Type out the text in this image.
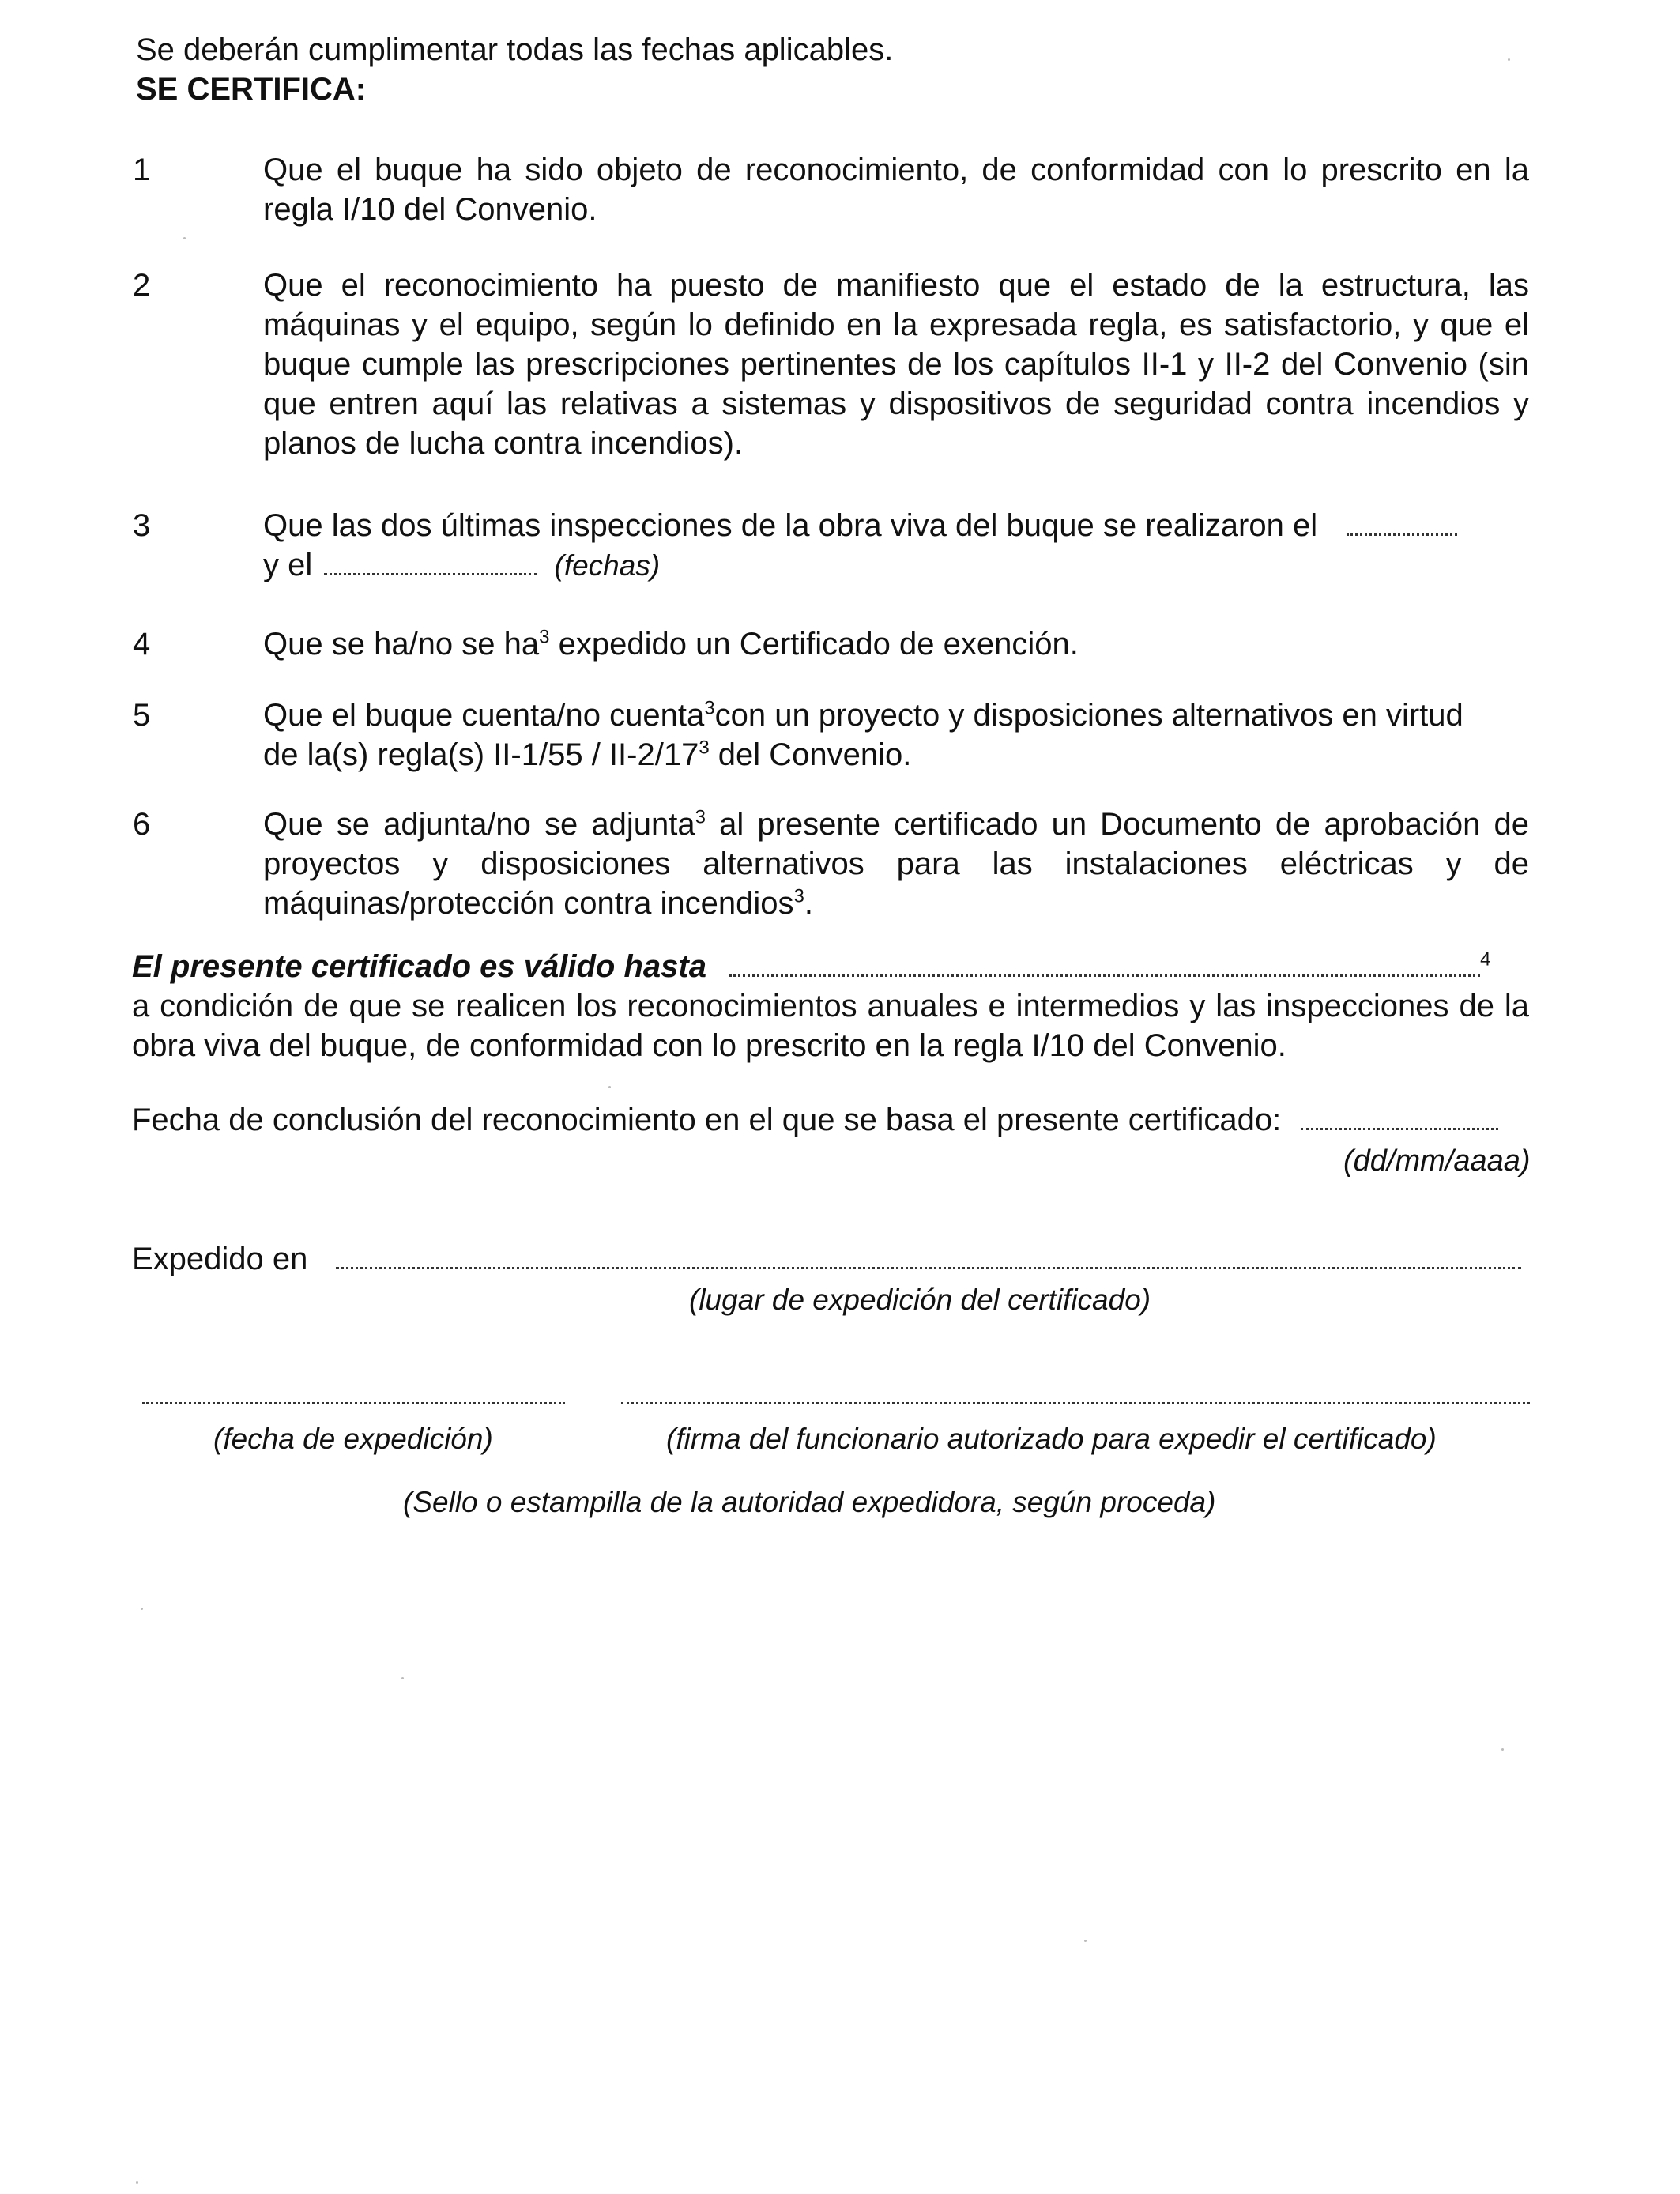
Se deberán cumplimentar todas las fechas aplicables.
SE CERTIFICA:
1	Que el buque ha sido objeto de reconocimiento, de conformidad con lo prescrito en la regla I/10 del Convenio.
2	Que el reconocimiento ha puesto de manifiesto que el estado de la estructura, las máquinas y el equipo, según lo definido en la expresada regla, es satisfactorio, y que el buque cumple las prescripciones pertinentes de los capítulos II-1 y II-2 del Convenio (sin que entren aquí las relativas a sistemas y dispositivos de seguridad contra incendios y planos de lucha contra incendios).
3	Que las dos últimas inspecciones de la obra viva del buque se realizaron el
y el	(fechas)
4	Que se ha/no se $ha^3$ expedido un Certificado de exención.
5	Que el buque cuenta/no cuenta$^3$con un proyecto y disposiciones alternativos en virtud
de la(s) regla(s) $II-1/55 / II-2/17^3$ del Convenio.
6	Que se adjunta/no se adjunta$^3$ al presente certificado un Documento de aprobación de proyectos y disposiciones alternativos para las instalaciones eléctricas y de máquinas/protección contra incendios$^3$.
El presente certificado es válido hasta	$^4$
a condición de que se realicen los reconocimientos anuales e intermedios y las inspecciones de la obra viva del buque, de conformidad con lo prescrito en la regla I/10 del Convenio.
Fecha de conclusión del reconocimiento en el que se basa el presente certificado:
(dd/mm/aaaa)
Expedido en
(lugar de expedición del certificado)
(fecha de expedición)	(firma del funcionario autorizado para expedir el certificado)
(Sello o estampilla de la autoridad expedidora, según proceda)
